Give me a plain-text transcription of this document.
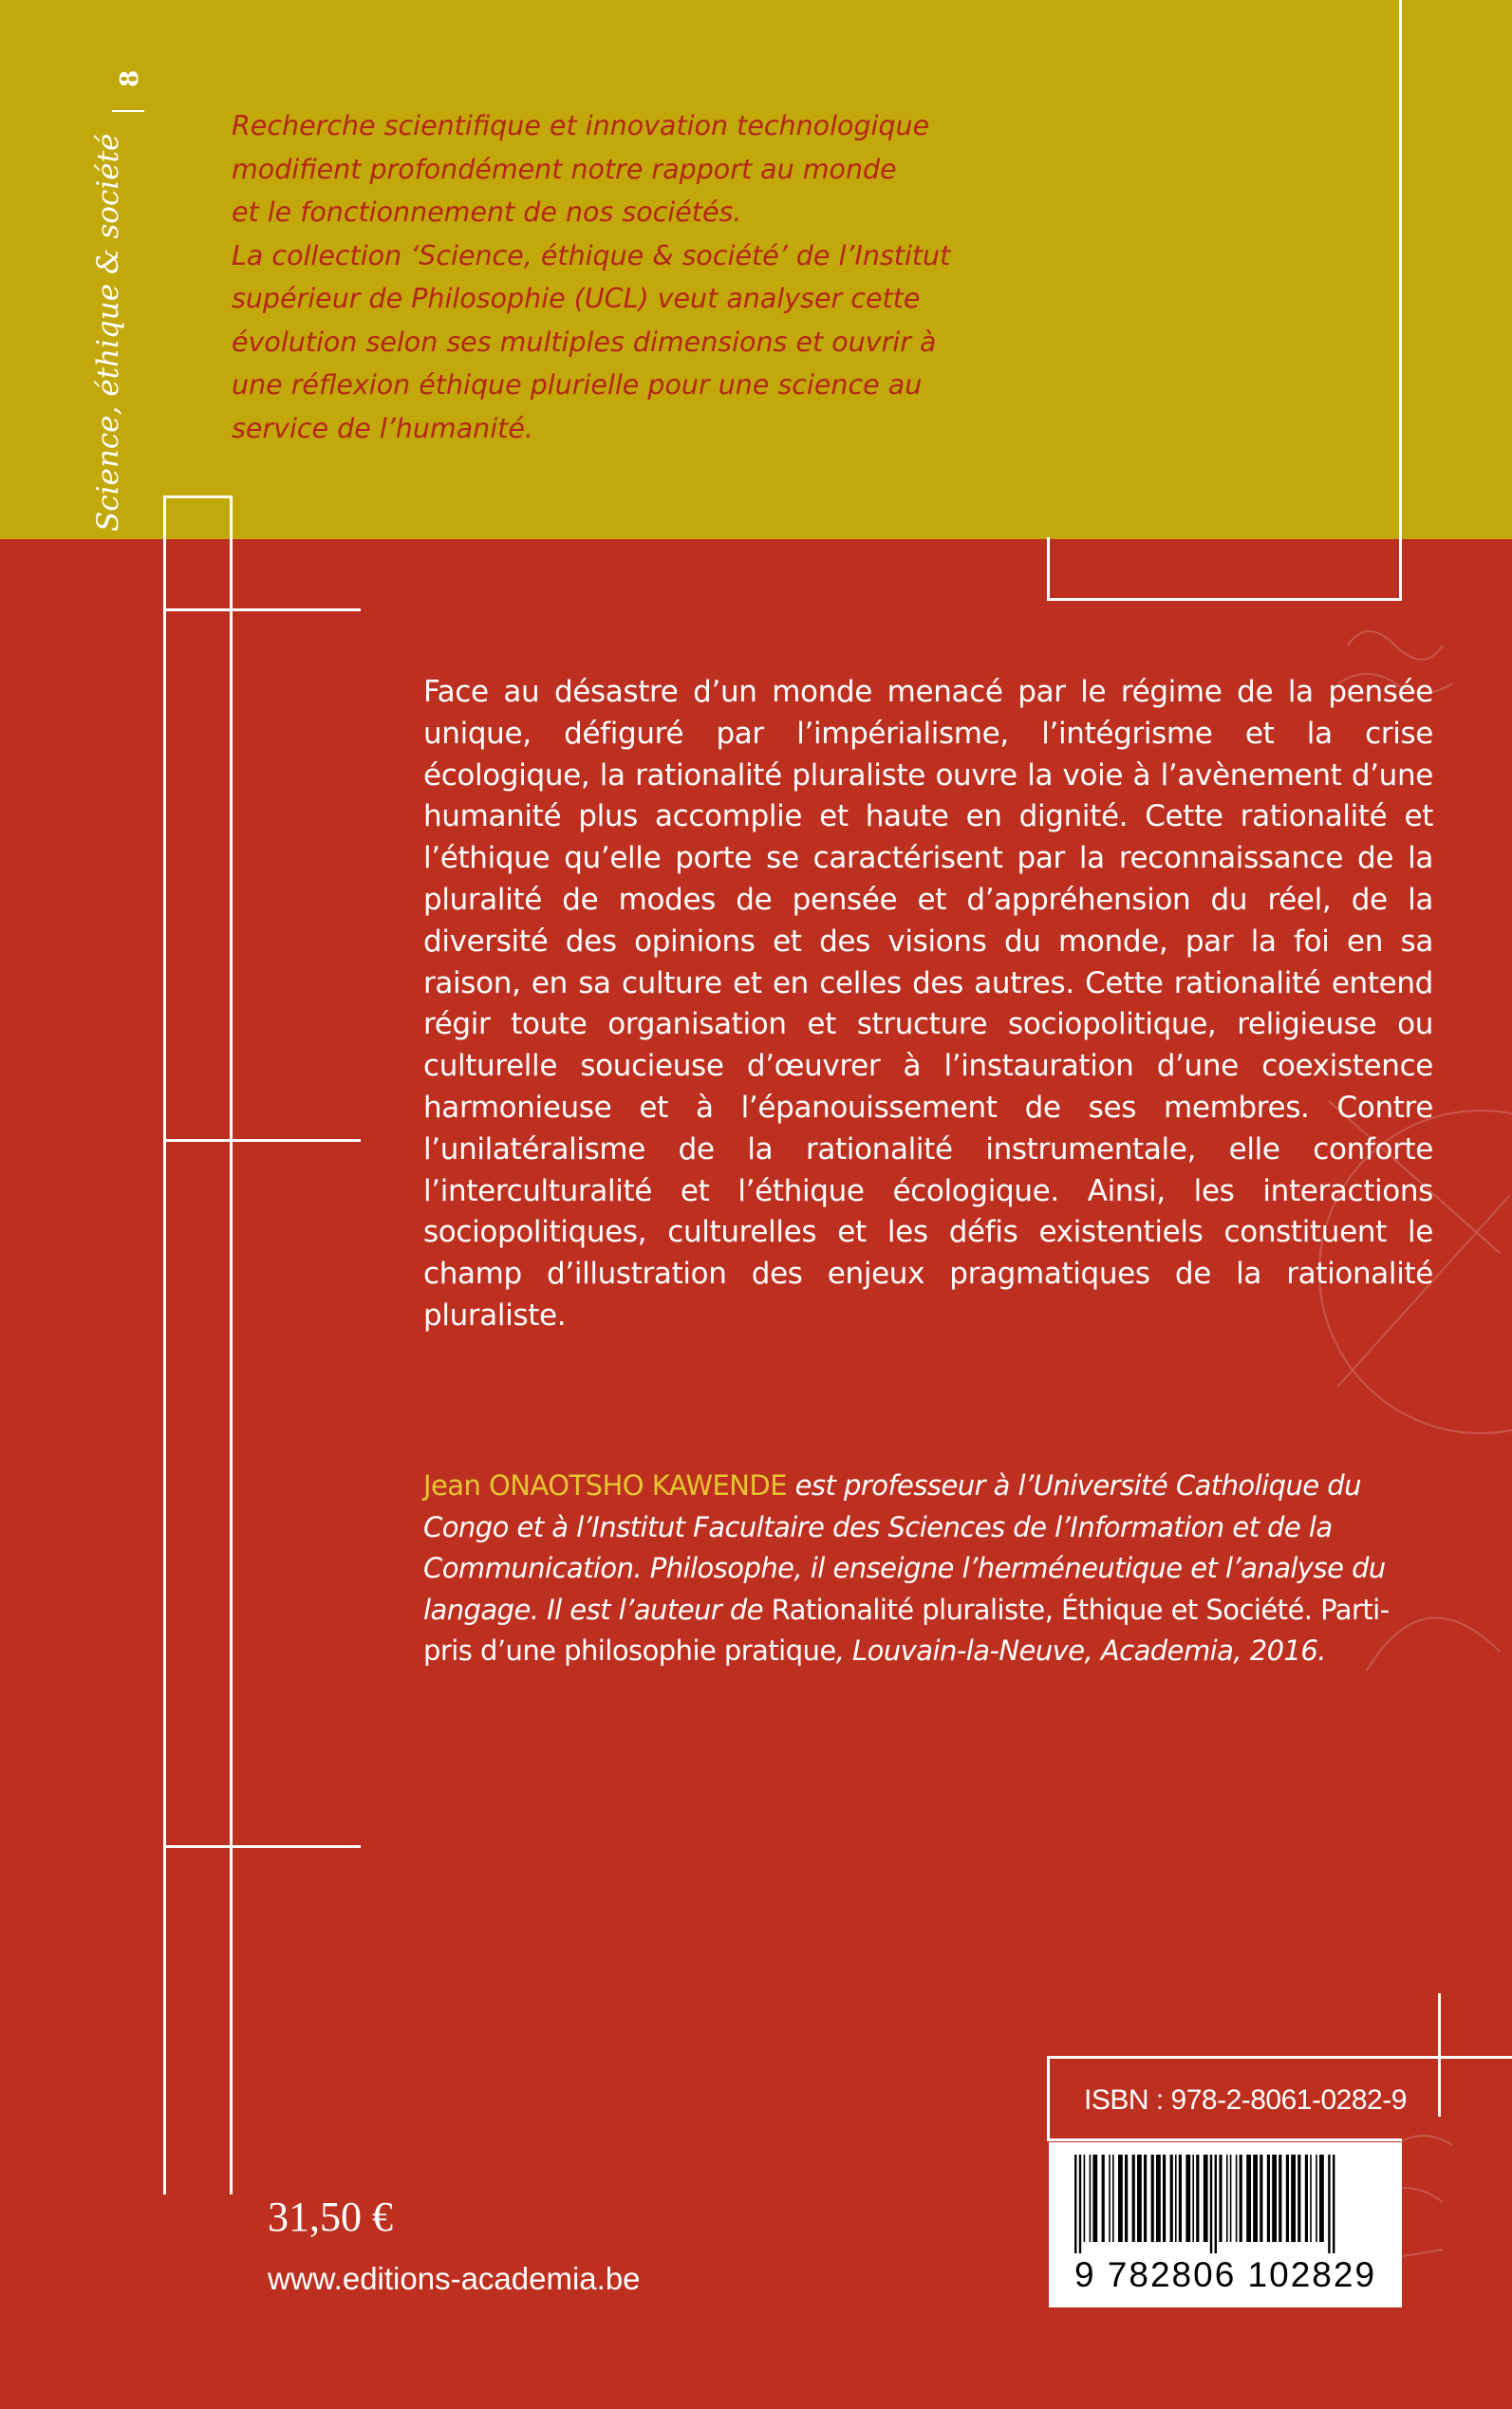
Science, éthique & société
8

Recherche scientifique et innovation technologique

modifient profondément notre rapport au monde

et le fonctionnement de nos sociétés.

La collection ‘Science, éthique & société’ de l’Institut

supérieur de Philosophie (UCL) veut analyser cette

évolution selon ses multiples dimensions et ouvrir à

une réflexion éthique plurielle pour une science au

service de l’humanité.

Face au désastre d’un monde menacé par le régime de la pensée unique, défiguré par l’impérialisme, l’intégrisme et la crise écologique, la rationalité pluraliste ouvre la voie à l’avènement d’une humanité plus accomplie et haute en dignité. Cette rationalité et l’éthique qu’elle porte se caractérisent par la reconnaissance de la pluralité de modes de pensée et d’appréhension du réel, de la diversité des opinions et des visions du monde, par la foi en sa raison, en sa culture et en celles des autres. Cette rationalité entend régir toute organisation et structure sociopolitique, religieuse ou culturelle soucieuse d’œuvrer à l’instauration d’une coexistence harmonieuse et à l’épanouissement de ses membres. Contre l’unilatéralisme de la rationalité instrumentale, elle conforte l’interculturalité et l’éthique écologique. Ainsi, les interactions sociopolitiques, culturelles et les défis existentiels constituent le champ d’illustration des enjeux pragmatiques de la rationalité pluraliste.
Jean ONAOTSHO KAWENDE est professeur à l’Université Catholique du Congo et à l’Institut Facultaire des Sciences de l’Information et de la Communication. Philosophe, il enseigne l’herméneutique et l’analyse du langage. Il est l’auteur de Rationalité pluraliste, Éthique et Société. Parti-pris d’une philosophie pratique, Louvain-la-Neuve, Academia, 2016.
31,50 €
www.editions-academia.be
ISBN : 978-2-8061-0282-9
9 782806 102829
